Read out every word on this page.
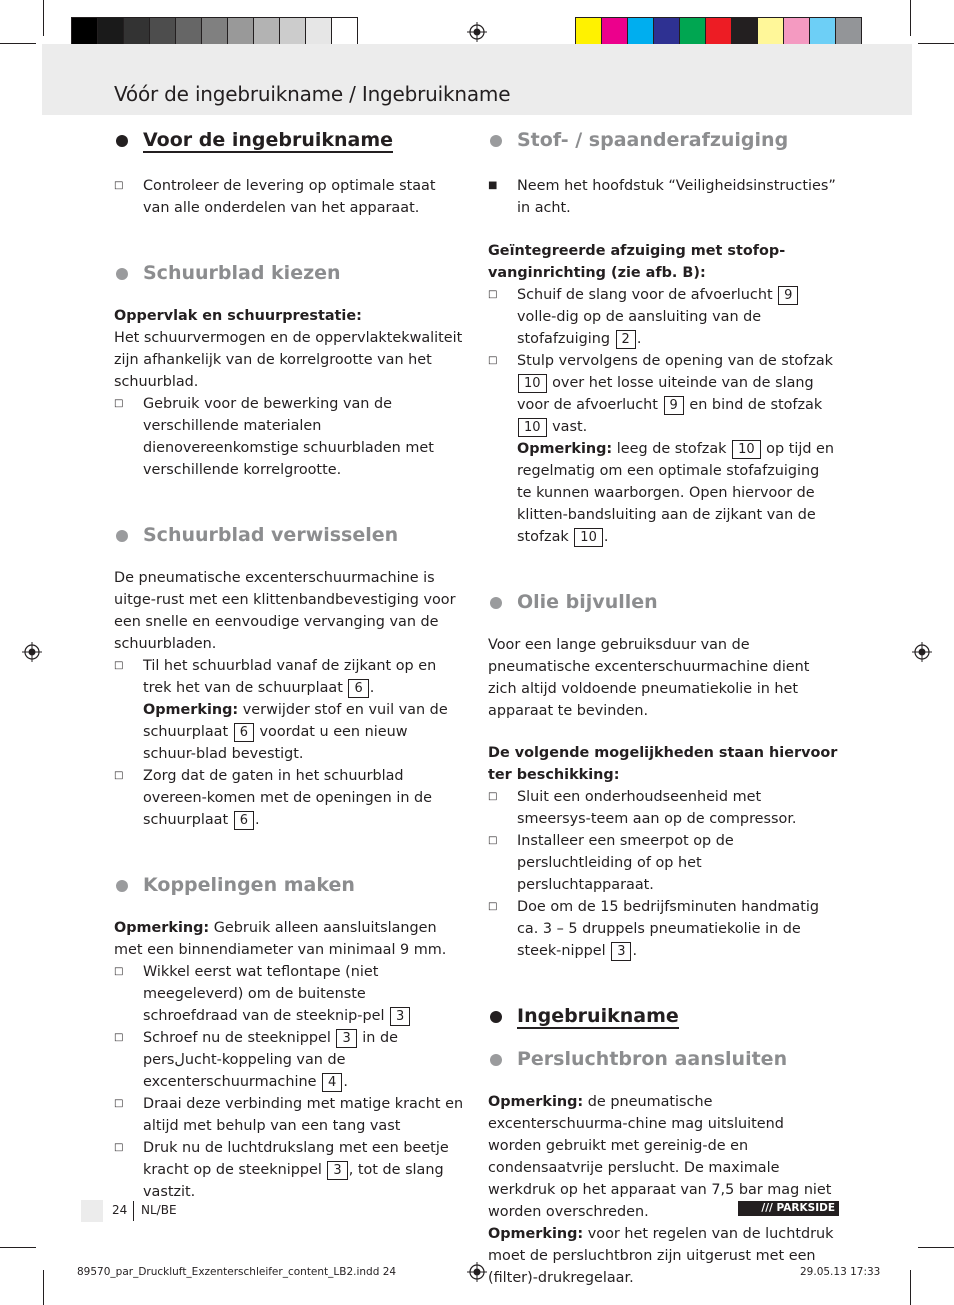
Vóór de ingebruikname / Ingebruikname
Voor de ingebruikname

□ Controleer de levering op optimale staat van alle onderdelen van het apparaat.

Schuurblad kiezen

Oppervlak en schuurprestatie:

Het schuurvermogen en de oppervlaktekwaliteit zijn afhankelijk van de korrelgrootte van het schuurblad.

□ Gebruik voor de bewerking van de verschillende materialen dienovereenkomstige schuurbladen met verschillende korrelgrootte.

Schuurblad verwisselen

De pneumatische excenterschuurmachine is uitge-rust met een klittenbandbevestiging voor een snelle en eenvoudige vervanging van de schuurbladen.

□ Til het schuurblad vanaf de zijkant op en trek het van de schuurplaat 6 .
Opmerking: verwijder stof en vuil van de schuurplaat 6 voordat u een nieuw schuur-blad bevestigt.

□ Zorg dat de gaten in het schuurblad overeen-komen met de openingen in de schuurplaat 6 .

Koppelingen maken

Opmerking: Gebruik alleen aansluitslangen met een binnendiameter van minimaal 9 mm.

□ Wikkel eerst wat teflontape (niet meegeleverd) om de buitenste schroefdraad van de steeknip-pel 3

□ Schroef nu de steeknippel 3 in de persلucht-koppeling van de excenterschuurmachine 4 .

□ Draai deze verbinding met matige kracht en altijd met behulp van een tang vast

□ Druk nu de luchtdrukslang met een beetje kracht op de steeknippel 3 , tot de slang vastzit.

Stof- / spaanderafzuiging

■ Neem het hoofdstuk “Veiligheidsinstructies” in acht.

Geïntegreerde afzuiging met stofop-vanginrichting (zie afb. B):

□ Schuif de slang voor de afvoerlucht 9 volle-dig op de aansluiting van de stofafzuiging 2 .

□ Stulp vervolgens de opening van de stofzak 10 over het losse uiteinde van de slang voor de afvoerlucht 9 en bind de stofzak 10 vast.
Opmerking: leeg de stofzak 10 op tijd en regelmatig om een optimale stofafzuiging te kunnen waarborgen. Open hiervoor de klitten-bandsluiting aan de zijkant van de stofzak 10 .

Olie bijvullen

Voor een lange gebruiksduur van de pneumatische excenterschuurmachine dient zich altijd voldoende pneumatiekolie in het apparaat te bevinden.

De volgende mogelijkheden staan hiervoor ter beschikking:

□ Sluit een onderhoudseenheid met smeersys-teem aan op de compressor.

□ Installeer een smeerpot op de persluchtleiding of op het persluchtapparaat.

□ Doe om de 15 bedrijfsminuten handmatig ca. 3 – 5 druppels pneumatiekolie in de steek-nippel 3 .

Ingebruikname
Persluchtbron aansluiten

Opmerking: de pneumatische excenterschuurma-chine mag uitsluitend worden gebruikt met gereinig-de en condensaatvrije perslucht. De maximale werkdruk op het apparaat van 7,5 bar mag niet worden overschreden.

Opmerking: voor het regelen van de luchtdruk moet de persluchtbron zijn uitgerust met een (filter)-drukregelaar.

24 NL/BE	/// PARKSIDE
89570_par_Druckluft_Exzenterschleifer_content_LB2.indd 24	29.05.13 17:33
